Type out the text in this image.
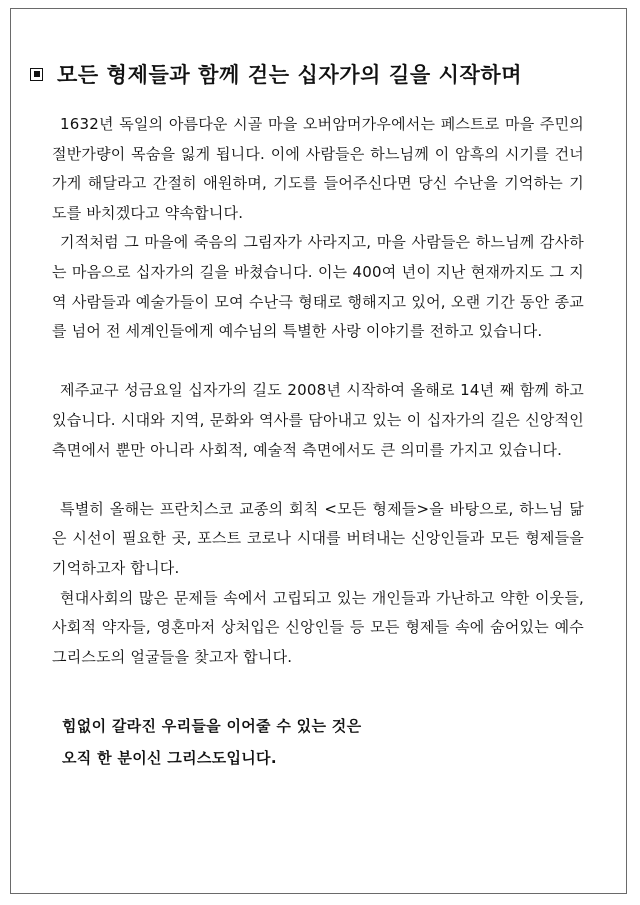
모든 형제들과 함께 걷는 십자가의 길을 시작하며

1632년 독일의 아름다운 시골 마을 오버암머가우에서는 페스트로 마을 주민의 절반가량이 목숨을 잃게 됩니다. 이에 사람들은 하느님께 이 암흑의 시기를 건너가게 해달라고 간절히 애원하며, 기도를 들어주신다면 당신 수난을 기억하는 기도를 바치겠다고 약속합니다.

기적처럼 그 마을에 죽음의 그림자가 사라지고, 마을 사람들은 하느님께 감사하는 마음으로 십자가의 길을 바쳤습니다. 이는 400여 년이 지난 현재까지도 그 지역 사람들과 예술가들이 모여 수난극 형태로 행해지고 있어, 오랜 기간 동안 종교를 넘어 전 세계인들에게 예수님의 특별한 사랑 이야기를 전하고 있습니다.

제주교구 성금요일 십자가의 길도 2008년 시작하여 올해로 14년 째 함께 하고 있습니다. 시대와 지역, 문화와 역사를 담아내고 있는 이 십자가의 길은 신앙적인 측면에서 뿐만 아니라 사회적, 예술적 측면에서도 큰 의미를 가지고 있습니다.

특별히 올해는 프란치스코 교종의 회칙 <모든 형제들>을 바탕으로, 하느님 닮은 시선이 필요한 곳, 포스트 코로나 시대를 버텨내는 신앙인들과 모든 형제들을 기억하고자 합니다.

현대사회의 많은 문제들 속에서 고립되고 있는 개인들과 가난하고 약한 이웃들, 사회적 약자들, 영혼마저 상처입은 신앙인들 등 모든 형제들 속에 숨어있는 예수 그리스도의 얼굴들을 찾고자 합니다.

힘없이 갈라진 우리들을 이어줄 수 있는 것은
오직 한 분이신 그리스도입니다.
